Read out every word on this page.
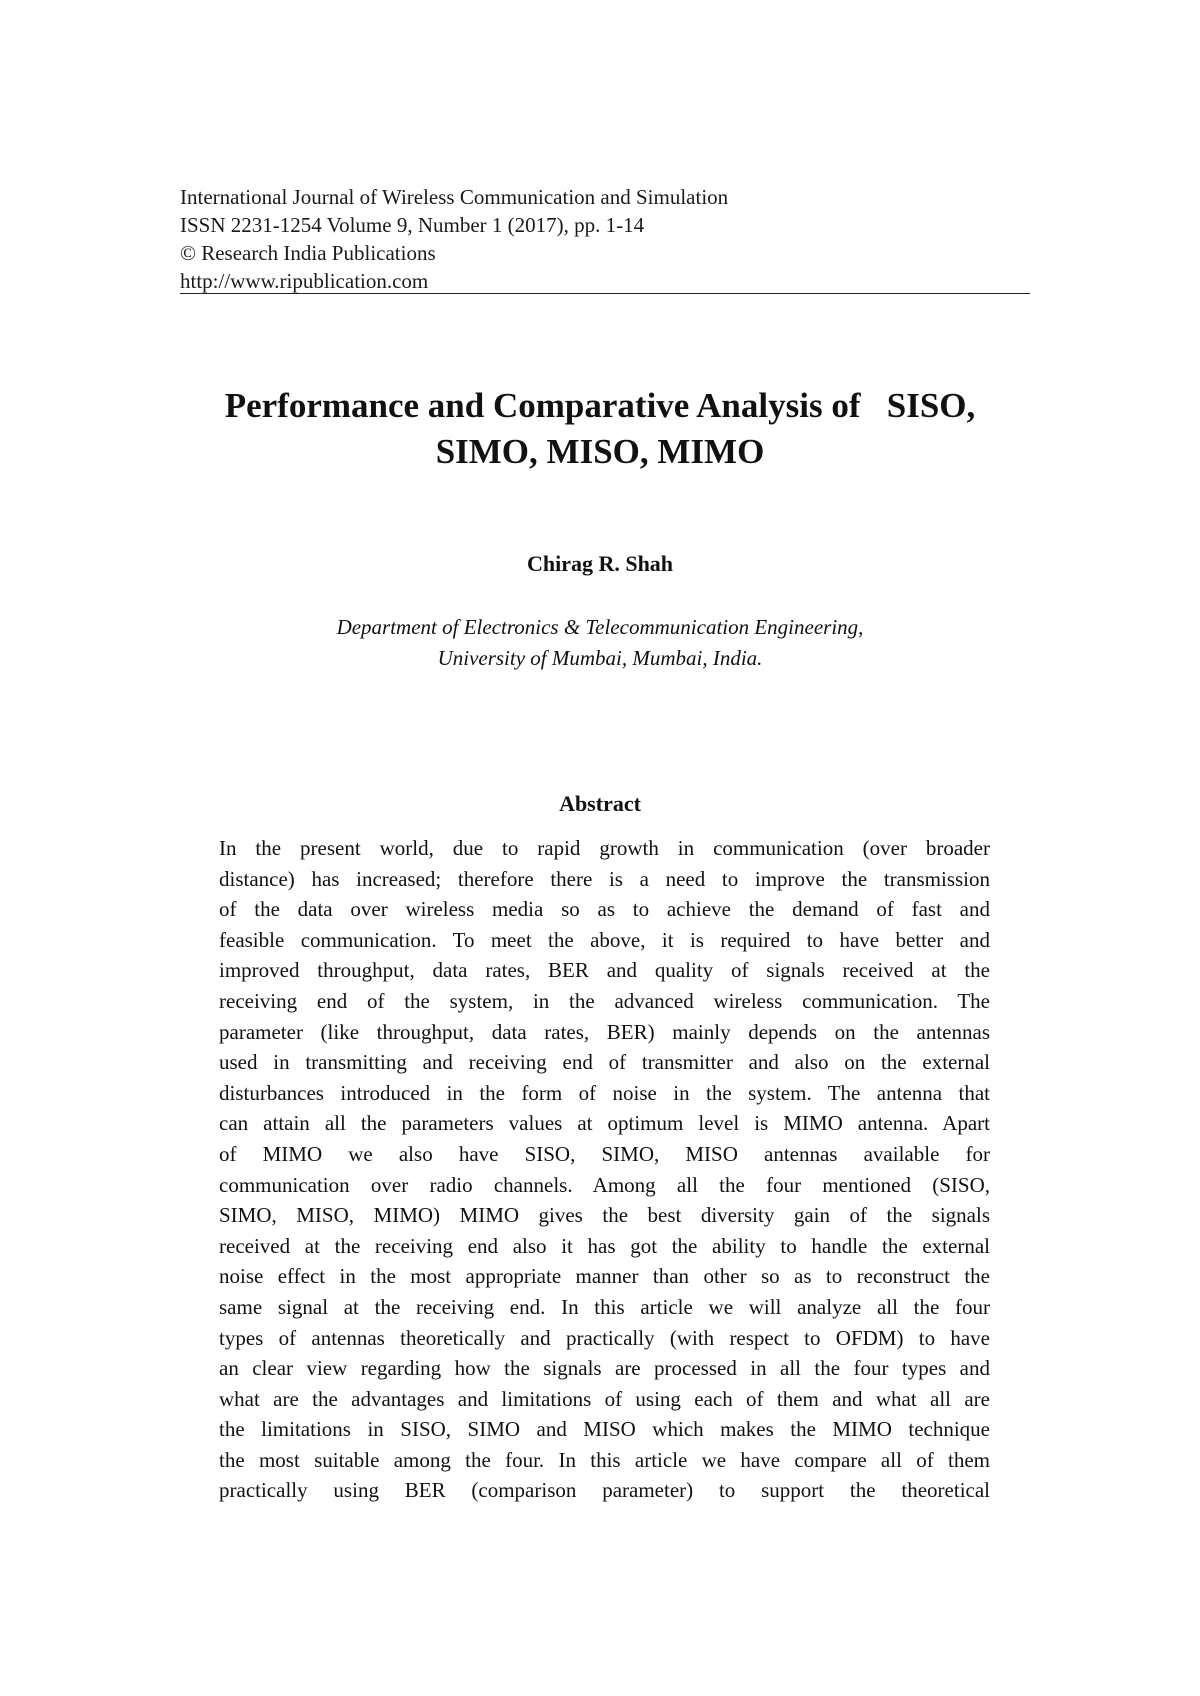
International Journal of Wireless Communication and Simulation
ISSN 2231-1254 Volume 9, Number 1 (2017), pp. 1-14
© Research India Publications
http://www.ripublication.com
Performance and Comparative Analysis of   SISO,
SIMO, MISO, MIMO
Chirag R. Shah
Department of Electronics & Telecommunication Engineering,
University of Mumbai, Mumbai, India.
Abstract
In the present world, due to rapid growth in communication (over broader
distance) has increased; therefore there is a need to improve the transmission
of the data over wireless media so as to achieve the demand of fast and
feasible communication. To meet the above, it is required to have better and
improved throughput, data rates, BER and quality of signals received at the
receiving end of the system, in the advanced wireless communication. The
parameter (like throughput, data rates, BER) mainly depends on the antennas
used in transmitting and receiving end of transmitter and also on the external
disturbances introduced in the form of noise in the system. The antenna that
can attain all the parameters values at optimum level is MIMO antenna. Apart
of MIMO we also have SISO, SIMO, MISO antennas available for
communication over radio channels. Among all the four mentioned (SISO,
SIMO, MISO, MIMO) MIMO gives the best diversity gain of the signals
received at the receiving end also it has got the ability to handle the external
noise effect in the most appropriate manner than other so as to reconstruct the
same signal at the receiving end. In this article we will analyze all the four
types of antennas theoretically and practically (with respect to OFDM) to have
an clear view regarding how the signals are processed in all the four types and
what are the advantages and limitations of using each of them and what all are
the limitations in SISO, SIMO and MISO which makes the MIMO technique
the most suitable among the four. In this article we have compare all of them
practically using BER (comparison parameter) to support the theoretical
